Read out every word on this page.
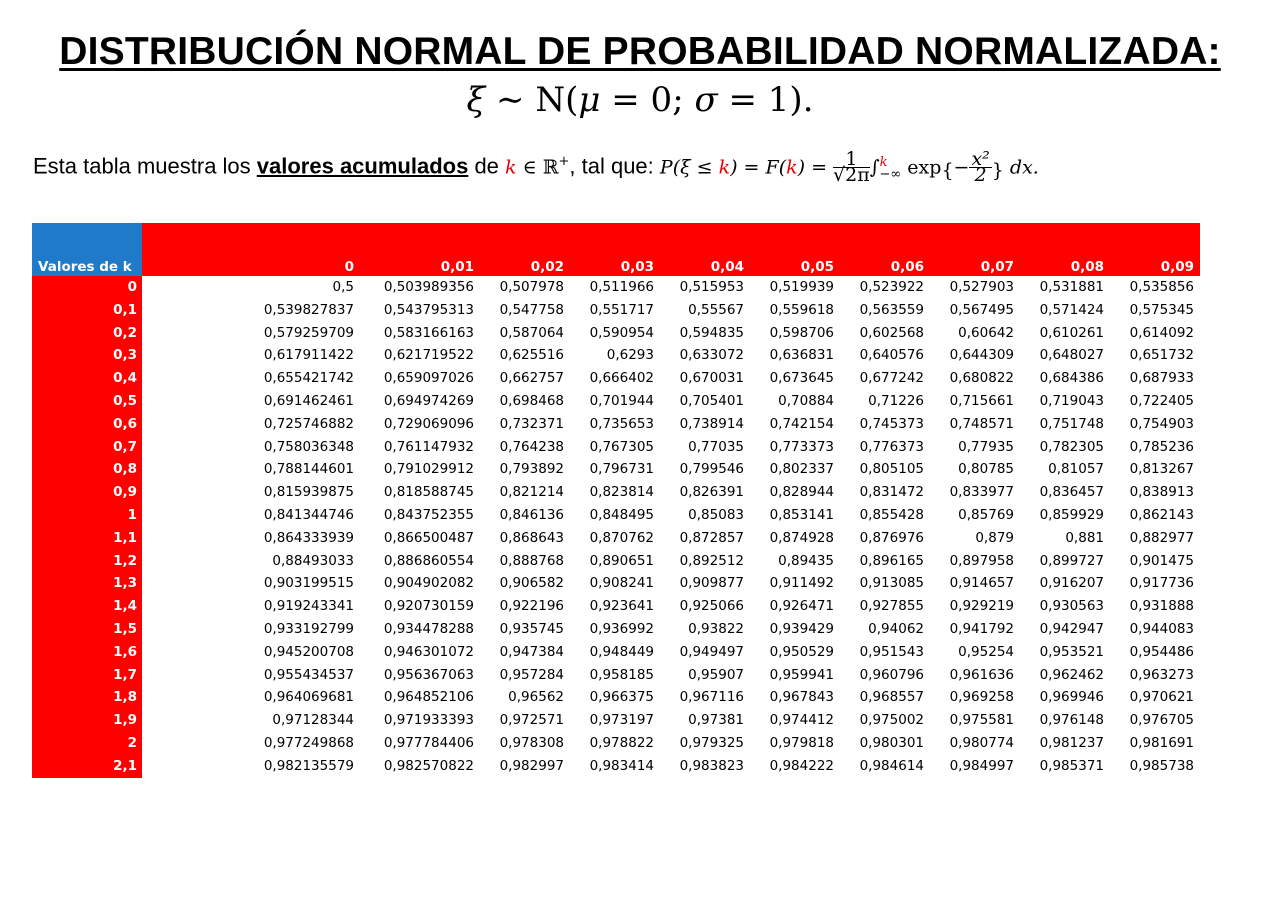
DISTRIBUCIÓN NORMAL DE PROBABILIDAD NORMALIZADA:
ξ ∼ N(μ = 0; σ = 1).
Esta tabla muestra los valores acumulados de k ∈ ℝ+, tal que: $P(\xi \le k) = F(k) = \frac{1}{√2\pi} \int^k_{-\infty}$ $\exp\{- \frac{\text{x²}}{2}$ } dx.
Valores de k	0	0,01	0,02	0,03	0,04	0,05	0,06	0,07	0,08	0,09
0	0,5	0,503989356	0,507978	0,511966	0,515953	0,519939	0,523922	0,527903	0,531881	0,535856
0,1	0,539827837	0,543795313	0,547758	0,551717	0,55567	0,559618	0,563559	0,567495	0,571424	0,575345
0,2	0,579259709	0,583166163	0,587064	0,590954	0,594835	0,598706	0,602568	0,60642	0,610261	0,614092
0,3	0,617911422	0,621719522	0,625516	0,6293	0,633072	0,636831	0,640576	0,644309	0,648027	0,651732
0,4	0,655421742	0,659097026	0,662757	0,666402	0,670031	0,673645	0,677242	0,680822	0,684386	0,687933
0,5	0,691462461	0,694974269	0,698468	0,701944	0,705401	0,70884	0,71226	0,715661	0,719043	0,722405
0,6	0,725746882	0,729069096	0,732371	0,735653	0,738914	0,742154	0,745373	0,748571	0,751748	0,754903
0,7	0,758036348	0,761147932	0,764238	0,767305	0,77035	0,773373	0,776373	0,77935	0,782305	0,785236
0,8	0,788144601	0,791029912	0,793892	0,796731	0,799546	0,802337	0,805105	0,80785	0,81057	0,813267
0,9	0,815939875	0,818588745	0,821214	0,823814	0,826391	0,828944	0,831472	0,833977	0,836457	0,838913
1	0,841344746	0,843752355	0,846136	0,848495	0,85083	0,853141	0,855428	0,85769	0,859929	0,862143
1,1	0,864333939	0,866500487	0,868643	0,870762	0,872857	0,874928	0,876976	0,879	0,881	0,882977
1,2	0,88493033	0,886860554	0,888768	0,890651	0,892512	0,89435	0,896165	0,897958	0,899727	0,901475
1,3	0,903199515	0,904902082	0,906582	0,908241	0,909877	0,911492	0,913085	0,914657	0,916207	0,917736
1,4	0,919243341	0,920730159	0,922196	0,923641	0,925066	0,926471	0,927855	0,929219	0,930563	0,931888
1,5	0,933192799	0,934478288	0,935745	0,936992	0,93822	0,939429	0,94062	0,941792	0,942947	0,944083
1,6	0,945200708	0,946301072	0,947384	0,948449	0,949497	0,950529	0,951543	0,95254	0,953521	0,954486
1,7	0,955434537	0,956367063	0,957284	0,958185	0,95907	0,959941	0,960796	0,961636	0,962462	0,963273
1,8	0,964069681	0,964852106	0,96562	0,966375	0,967116	0,967843	0,968557	0,969258	0,969946	0,970621
1,9	0,97128344	0,971933393	0,972571	0,973197	0,97381	0,974412	0,975002	0,975581	0,976148	0,976705
2	0,977249868	0,977784406	0,978308	0,978822	0,979325	0,979818	0,980301	0,980774	0,981237	0,981691
2,1	0,982135579	0,982570822	0,982997	0,983414	0,983823	0,984222	0,984614	0,984997	0,985371	0,985738
